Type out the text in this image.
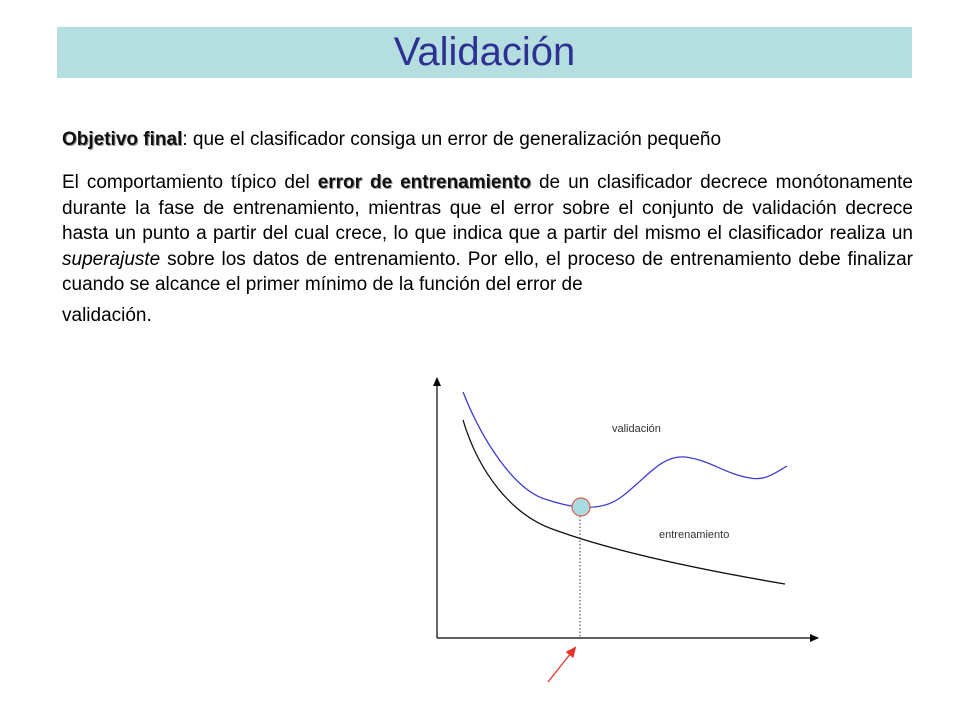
Validación
Objetivo final: que el clasificador consiga un error de generalización pequeño
El comportamiento típico del error de entrenamiento de un clasificador decrece monótonamente durante la fase de entrenamiento, mientras que el error sobre el conjunto de validación decrece hasta un punto a partir del cual crece, lo que indica que a partir del mismo el clasificador realiza un superajuste sobre los datos de entrenamiento. Por ello, el proceso de entrenamiento debe finalizar cuando se alcance el primer mínimo de la función del error de
validación.
validación
entrenamiento
